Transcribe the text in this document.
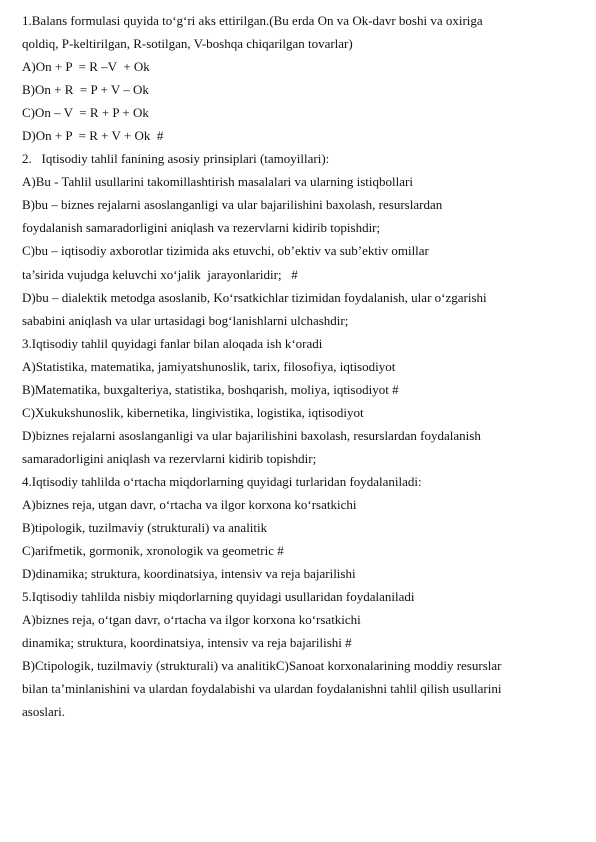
1.Balans formulasi quyida to‘g‘ri aks ettirilgan.(Bu erda On va Ok-davr boshi va oxiriga

qoldiq, P-keltirilgan, R-sotilgan, V-boshqa chiqarilgan tovarlar)

A)On + P  = R –V  + Ok

B)On + R  = P + V – Ok

C)On – V  = R + P + Ok

D)On + P  = R + V + Ok  #

2.   Iqtisodiy tahlil fanining asosiy prinsiplari (tamoyillari):

A)Bu - Tahlil usullarini takomillashtirish masalalari va ularning istiqbollari

B)bu – biznes rejalarni asoslanganligi va ular bajarilishini baxolash, resurslardan

foydalanish samaradorligini aniqlash va rezervlarni kidirib topishdir;

C)bu – iqtisodiy axborotlar tizimida aks etuvchi, ob’ektiv va sub’ektiv omillar

ta’sirida vujudga keluvchi xo‘jalik  jarayonlaridir;   #

D)bu – dialektik metodga asoslanib, Ko‘rsatkichlar tizimidan foydalanish, ular o‘zgarishi

sababini aniqlash va ular urtasidagi bog‘lanishlarni ulchashdir;

3.Iqtisodiy tahlil quyidagi fanlar bilan aloqada ish k‘oradi

A)Statistika, matematika, jamiyatshunoslik, tarix, filosofiya, iqtisodiyot

B)Matematika, buxgalteriya, statistika, boshqarish, moliya, iqtisodiyot #

C)Xukukshunoslik, kibernetika, lingivistika, logistika, iqtisodiyot

D)biznes rejalarni asoslanganligi va ular bajarilishini baxolash, resurslardan foydalanish

samaradorligini aniqlash va rezervlarni kidirib topishdir;

4.Iqtisodiy tahlilda o‘rtacha miqdorlarning quyidagi turlaridan foydalaniladi:

A)biznes reja, utgan davr, o‘rtacha va ilgor korxona ko‘rsatkichi

B)tipologik, tuzilmaviy (strukturali) va analitik

C)arifmetik, gormonik, xronologik va geometric #

D)dinamika; struktura, koordinatsiya, intensiv va reja bajarilishi

5.Iqtisodiy tahlilda nisbiy miqdorlarning quyidagi usullaridan foydalaniladi

A)biznes reja, o‘tgan davr, o‘rtacha va ilgor korxona ko‘rsatkichi

dinamika; struktura, koordinatsiya, intensiv va reja bajarilishi #

B)Ctipologik, tuzilmaviy (strukturali) va analitikC)Sanoat korxonalarining moddiy resurslar

bilan ta’minlanishini va ulardan foydalabishi va ulardan foydalanishni tahlil qilish usullarini

asoslari.
